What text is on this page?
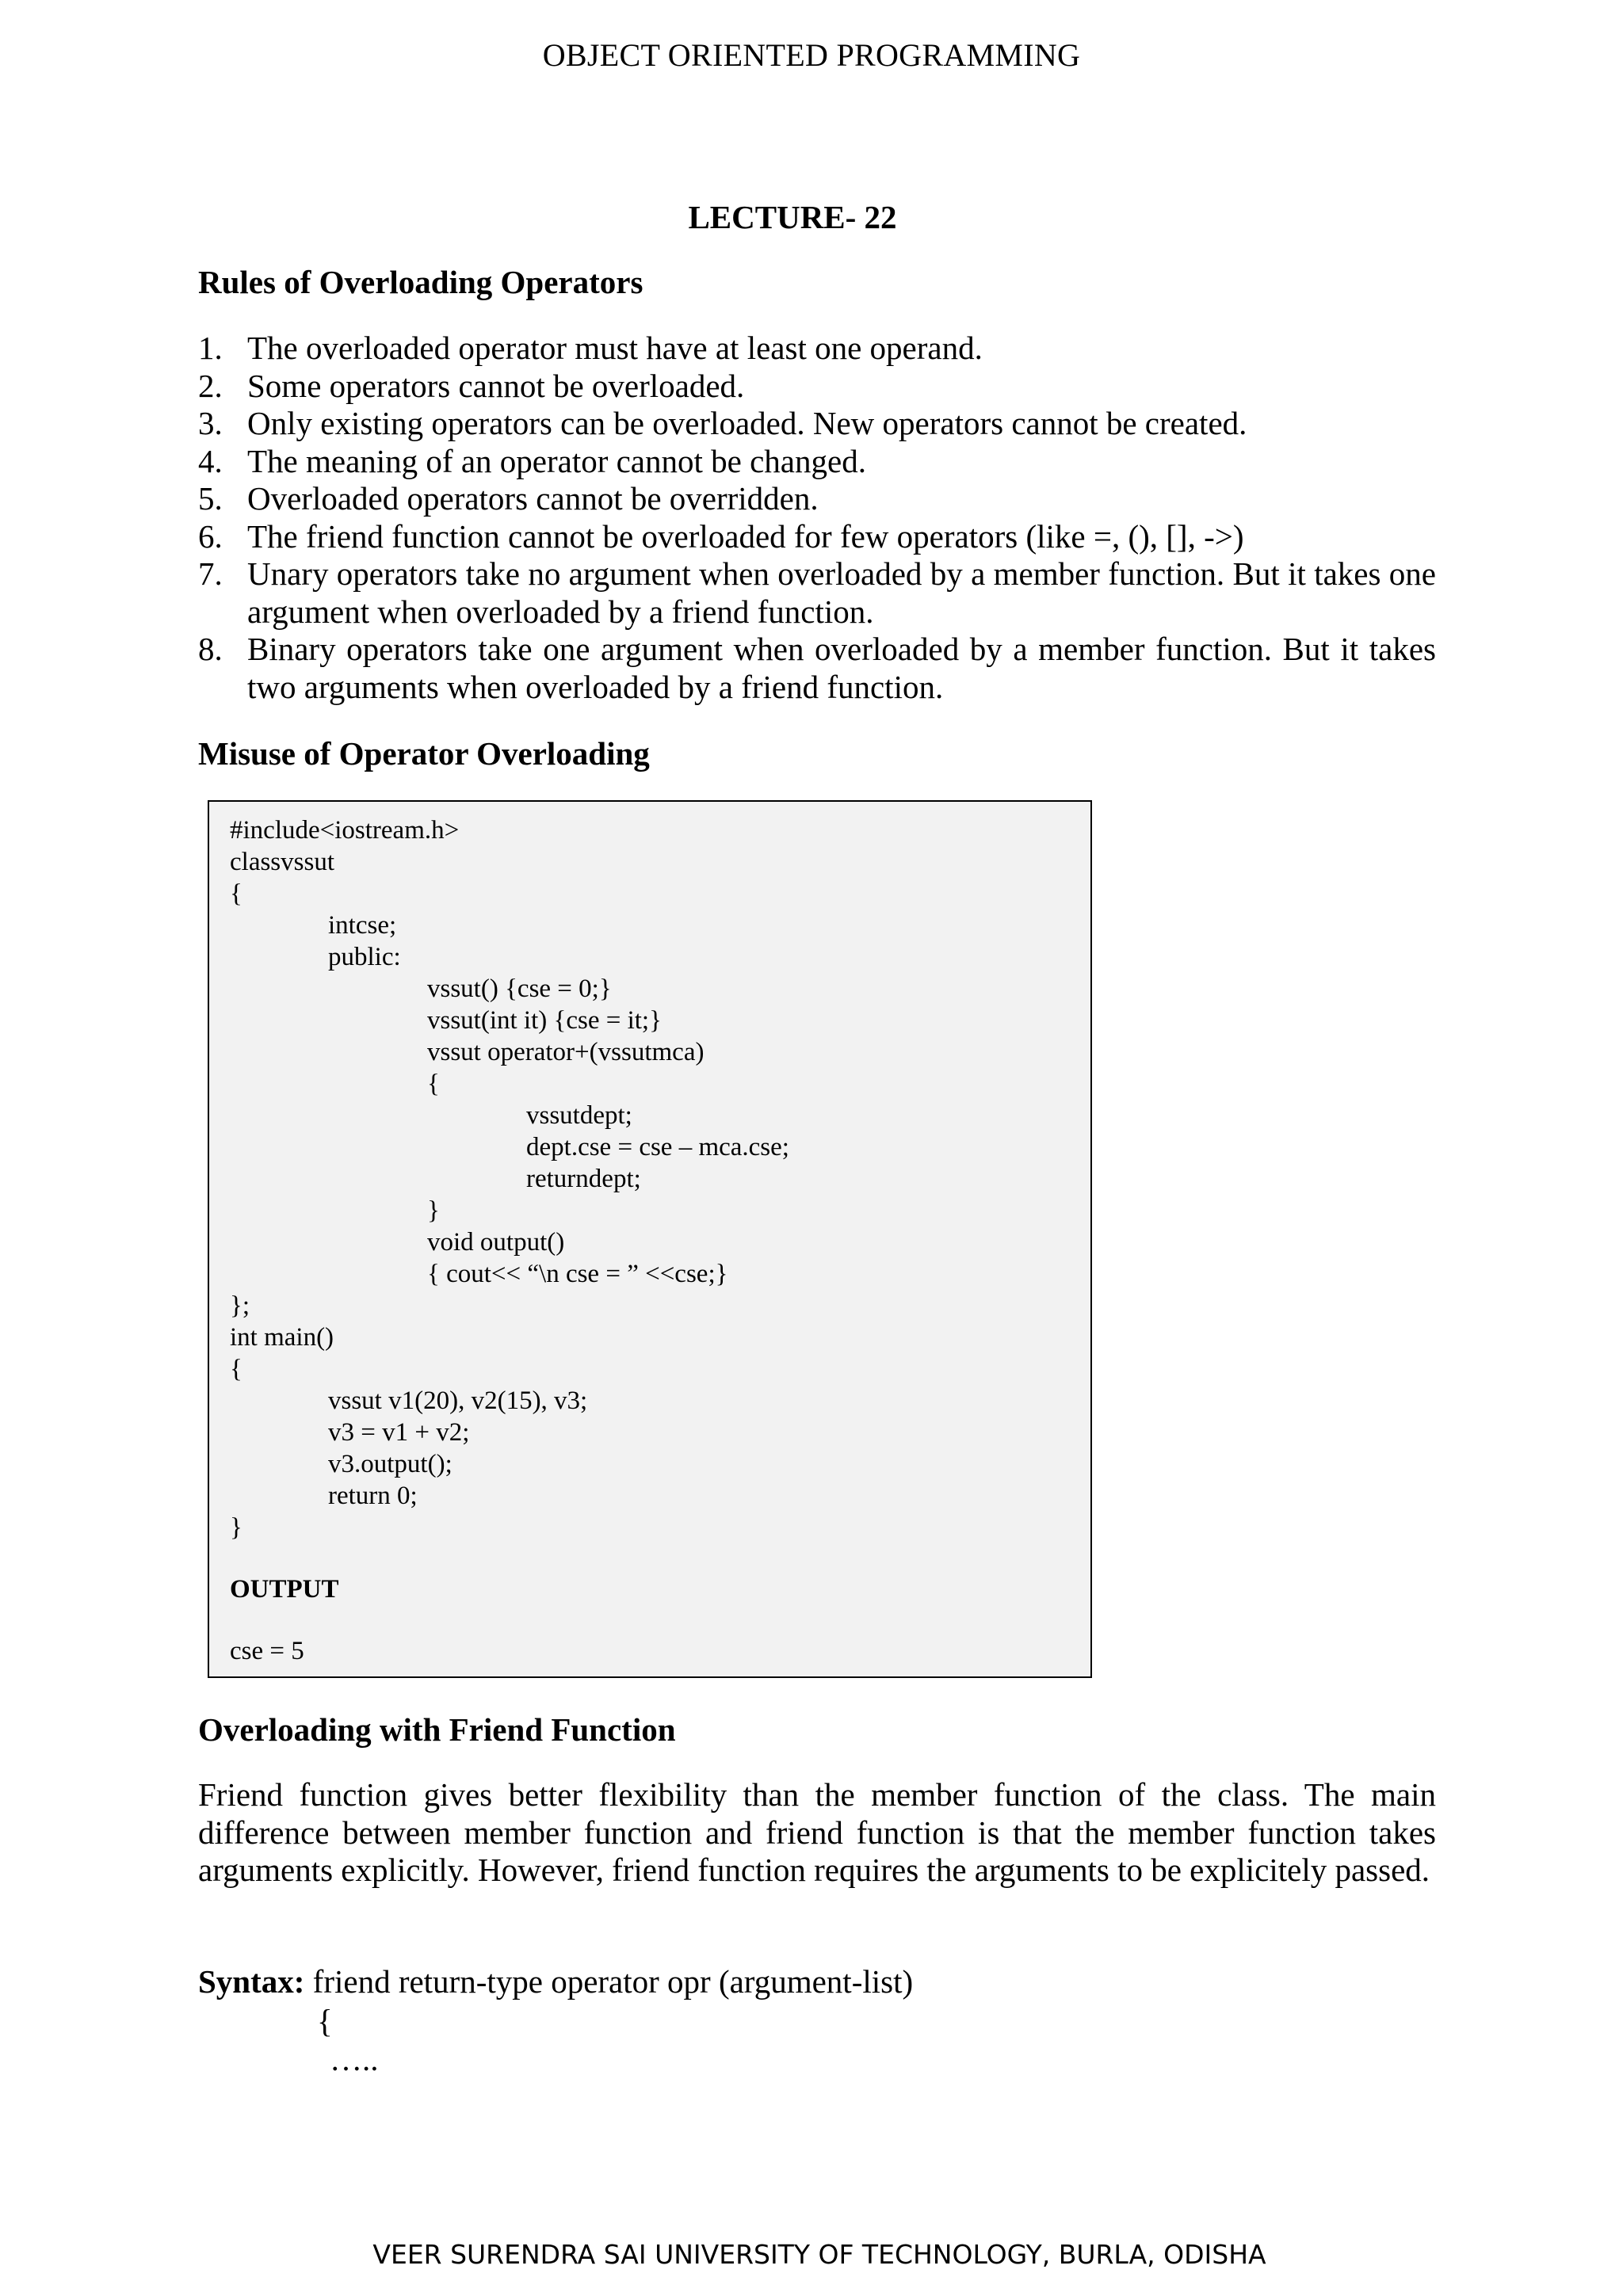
OBJECT ORIENTED PROGRAMMING
LECTURE- 22
Rules of Overloading Operators
1. The overloaded operator must have at least one operand.
2. Some operators cannot be overloaded.
3. Only existing operators can be overloaded. New operators cannot be created.
4. The meaning of an operator cannot be changed.
5. Overloaded operators cannot be overridden.
6. The friend function cannot be overloaded for few operators (like =, (), [], ->)
7. Unary operators take no argument when overloaded by a member function. But it takes one argument when overloaded by a friend function.
8. Binary operators take one argument when overloaded by a member function. But it takes two arguments when overloaded by a friend function.
Misuse of Operator Overloading
#include<iostream.h>
classvssut
{
intcse;
public:
vssut() {cse = 0;}
vssut(int it) {cse = it;}
vssut operator+(vssutmca)
{
vssutdept;
dept.cse = cse – mca.cse;
returndept;
}
void output()
{ cout<< “\n cse = ” <<cse;}
};
int main()
{
vssut v1(20), v2(15), v3;
v3 = v1 + v2;
v3.output();
return 0;
}
OUTPUT
cse = 5
Overloading with Friend Function
Friend function gives better flexibility than the member function of the class. The main difference between member function and friend function is that the member function takes arguments explicitly. However, friend function requires the arguments to be explicitely passed.
Syntax: friend return-type operator opr (argument-list)
{
…..
VEER SURENDRA SAI UNIVERSITY OF TECHNOLOGY, BURLA, ODISHA
